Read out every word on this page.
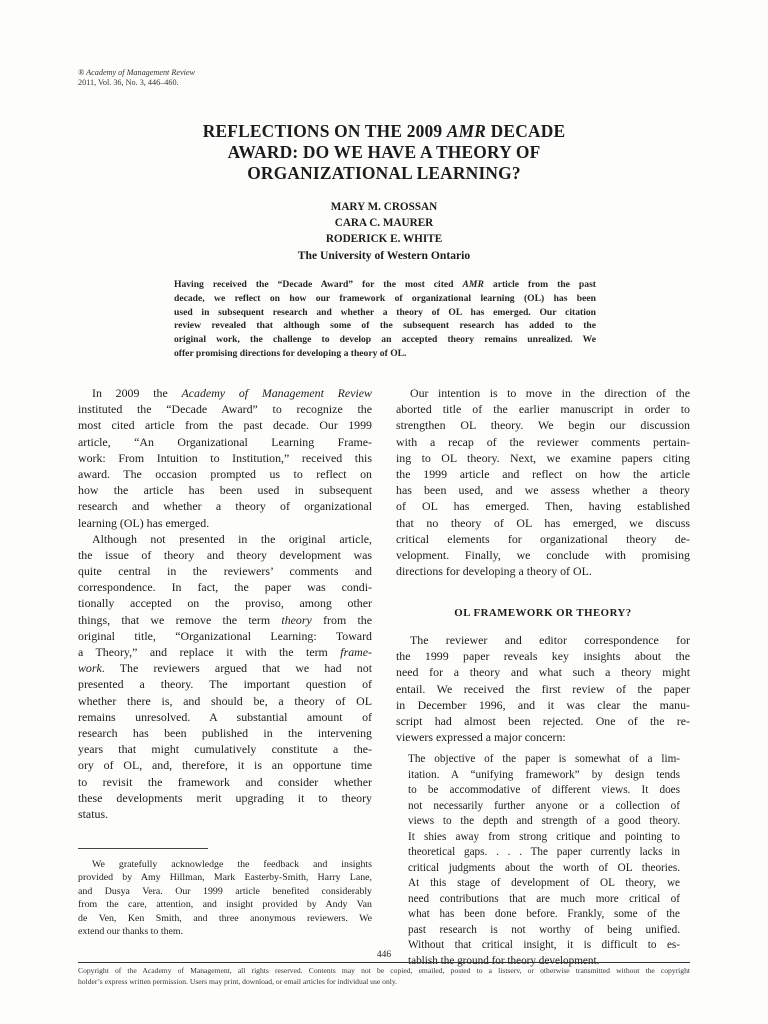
® Academy of Management Review
2011, Vol. 36, No. 3, 446–460.
REFLECTIONS ON THE 2009 AMR DECADE
AWARD: DO WE HAVE A THEORY OF
ORGANIZATIONAL LEARNING?
MARY M. CROSSAN
CARA C. MAURER
RODERICK E. WHITE
The University of Western Ontario
Having received the “Decade Award” for the most cited AMR article from the past
decade, we reflect on how our framework of organizational learning (OL) has been
used in subsequent research and whether a theory of OL has emerged. Our citation
review revealed that although some of the subsequent research has added to the
original work, the challenge to develop an accepted theory remains unrealized. We
offer promising directions for developing a theory of OL.
In 2009 the Academy of Management Review
instituted the “Decade Award” to recognize the
most cited article from the past decade. Our 1999
article, “An Organizational Learning Frame-
work: From Intuition to Institution,” received this
award. The occasion prompted us to reflect on
how the article has been used in subsequent
research and whether a theory of organizational
learning (OL) has emerged.
Although not presented in the original article,
the issue of theory and theory development was
quite central in the reviewers’ comments and
correspondence. In fact, the paper was condi-
tionally accepted on the proviso, among other
things, that we remove the term theory from the
original title, “Organizational Learning: Toward
a Theory,” and replace it with the term frame-
work. The reviewers argued that we had not
presented a theory. The important question of
whether there is, and should be, a theory of OL
remains unresolved. A substantial amount of
research has been published in the intervening
years that might cumulatively constitute a the-
ory of OL, and, therefore, it is an opportune time
to revisit the framework and consider whether
these developments merit upgrading it to theory
status.
Our intention is to move in the direction of the
aborted title of the earlier manuscript in order to
strengthen OL theory. We begin our discussion
with a recap of the reviewer comments pertain-
ing to OL theory. Next, we examine papers citing
the 1999 article and reflect on how the article
has been used, and we assess whether a theory
of OL has emerged. Then, having established
that no theory of OL has emerged, we discuss
critical elements for organizational theory de-
velopment. Finally, we conclude with promising
directions for developing a theory of OL.
OL FRAMEWORK OR THEORY?
The reviewer and editor correspondence for
the 1999 paper reveals key insights about the
need for a theory and what such a theory might
entail. We received the first review of the paper
in December 1996, and it was clear the manu-
script had almost been rejected. One of the re-
viewers expressed a major concern:
The objective of the paper is somewhat of a lim-
itation. A “unifying framework” by design tends
to be accommodative of different views. It does
not necessarily further anyone or a collection of
views to the depth and strength of a good theory.
It shies away from strong critique and pointing to
theoretical gaps. . . . The paper currently lacks in
critical judgments about the worth of OL theories.
At this stage of development of OL theory, we
need contributions that are much more critical of
what has been done before. Frankly, some of the
past research is not worthy of being unified.
Without that critical insight, it is difficult to es-
tablish the ground for theory development.
We gratefully acknowledge the feedback and insights
provided by Amy Hillman, Mark Easterby-Smith, Harry Lane,
and Dusya Vera. Our 1999 article benefited considerably
from the care, attention, and insight provided by Andy Van
de Ven, Ken Smith, and three anonymous reviewers. We
extend our thanks to them.
446
Copyright of the Academy of Management, all rights reserved. Contents may not be copied, emailed, posted to a listserv, or otherwise transmitted without the copyright
holder’s express written permission. Users may print, download, or email articles for individual use only.
